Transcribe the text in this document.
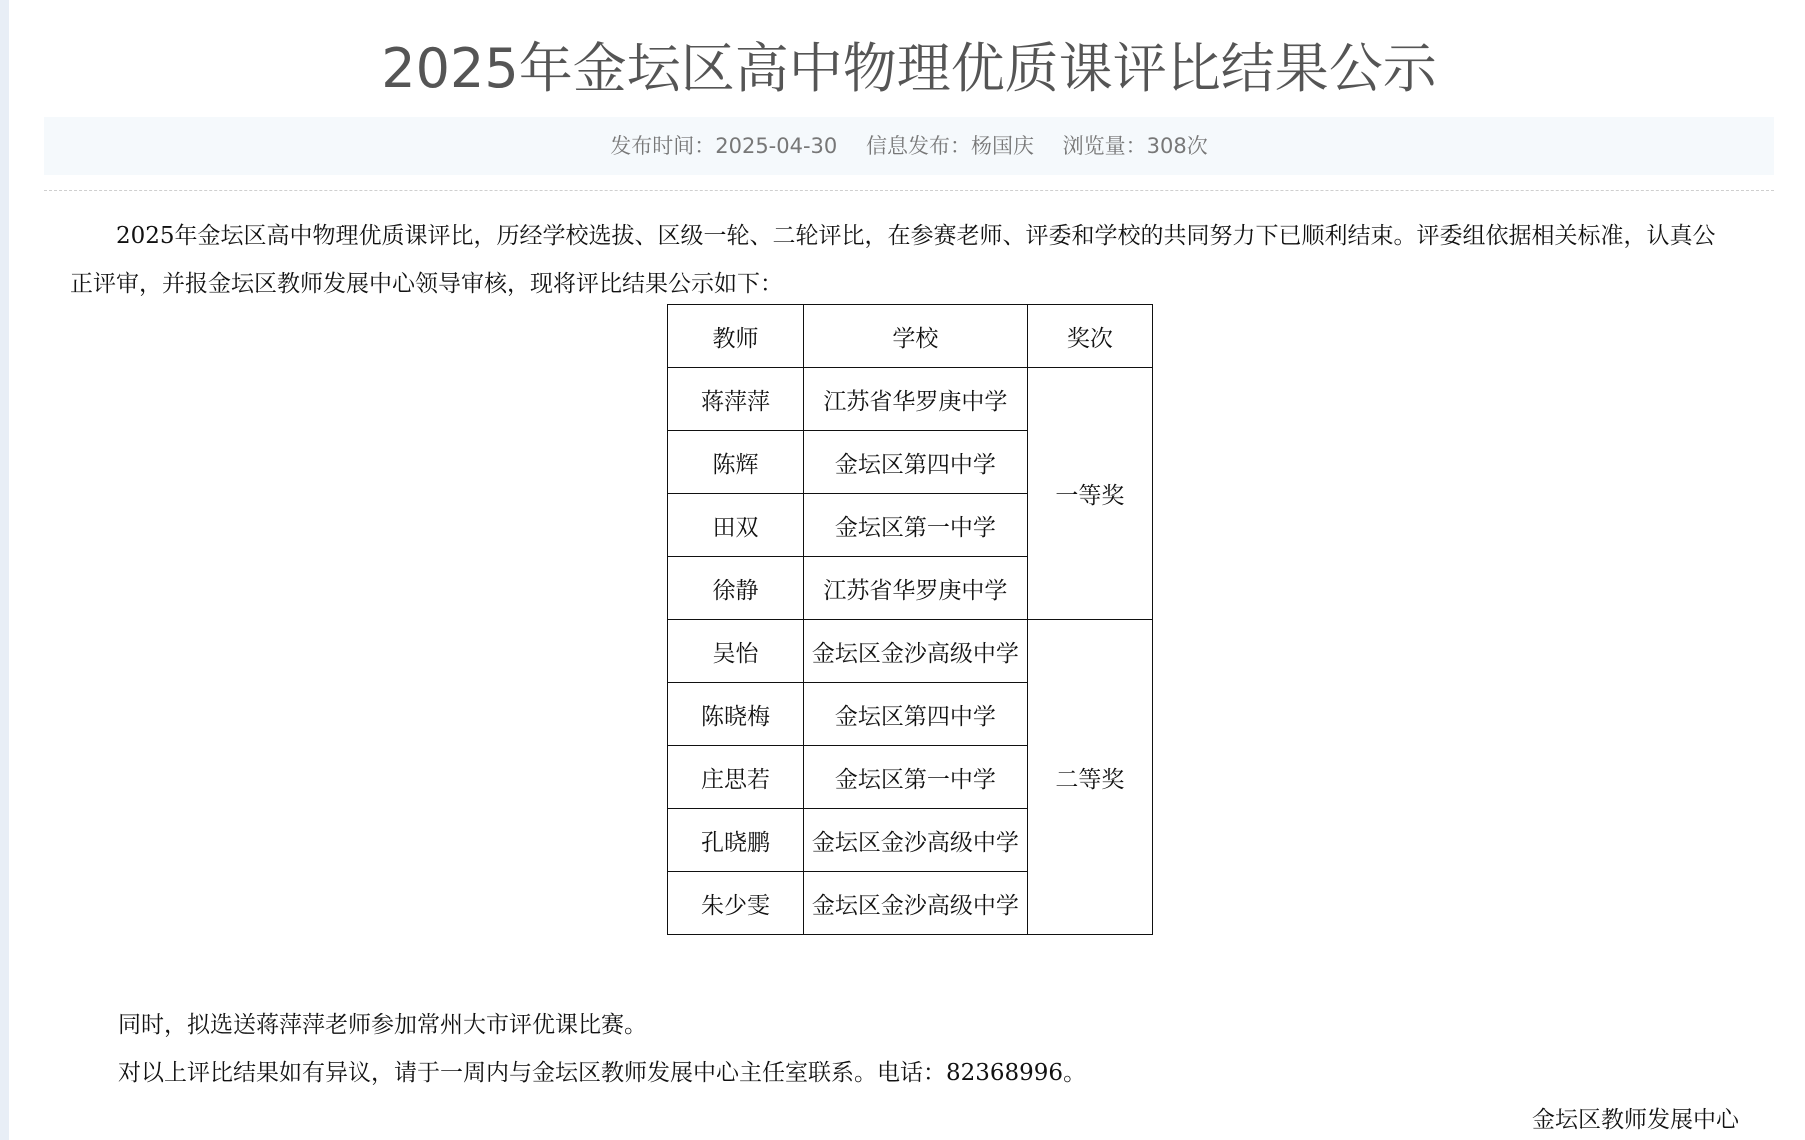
2025年金坛区高中物理优质课评比结果公示
发布时间：2025-04-30 信息发布：杨国庆 浏览量：308次

2025年金坛区高中物理优质课评比，历经学校选拔、区级一轮、二轮评比，在参赛老师、评委和学校的共同努力下已顺利结束。评委组依据相关标准，认真公正评审，并报金坛区教师发展中心领导审核，现将评比结果公示如下：

教师	学校	奖次
蒋萍萍	江苏省华罗庚中学	一等奖
陈辉	金坛区第四中学	
田双	金坛区第一中学	
徐静	江苏省华罗庚中学	
吴怡	金坛区金沙高级中学	二等奖
陈晓梅	金坛区第四中学	
庄思若	金坛区第一中学	
孔晓鹏	金坛区金沙高级中学	
朱少雯	金坛区金沙高级中学	

同时，拟选送蒋萍萍老师参加常州大市评优课比赛。

对以上评比结果如有异议，请于一周内与金坛区教师发展中心主任室联系。电话：82368996。

金坛区教师发展中心
